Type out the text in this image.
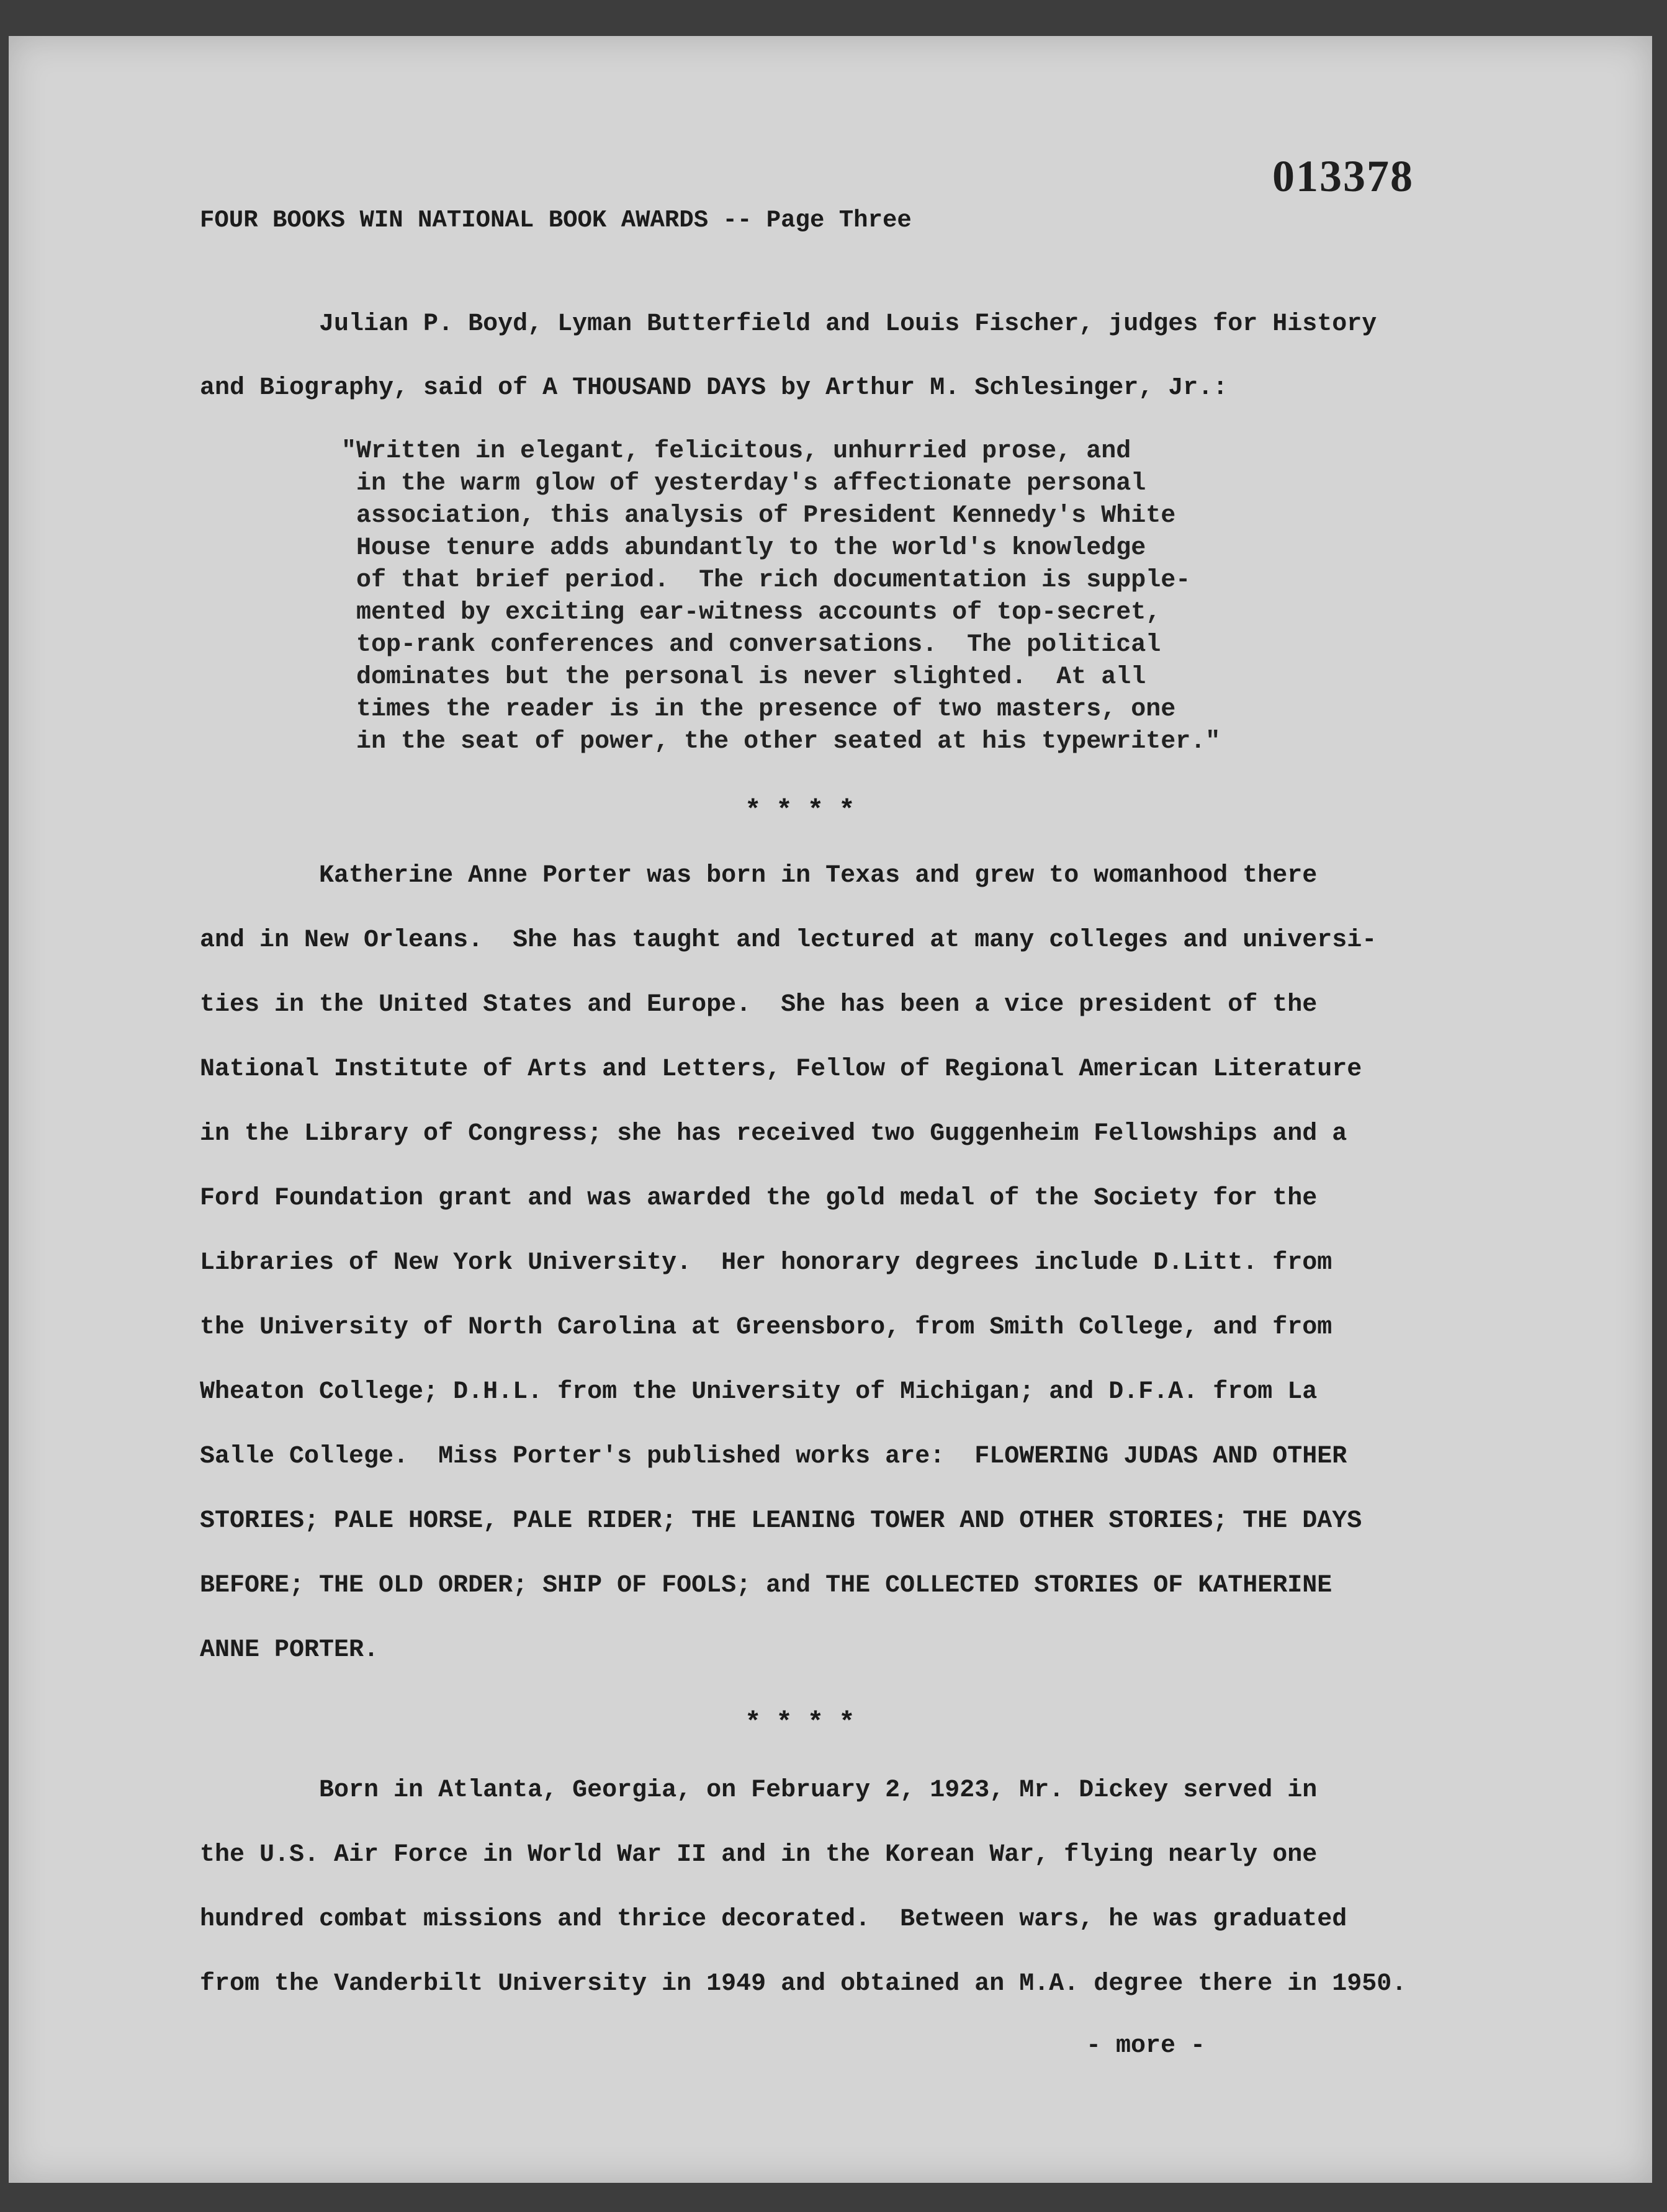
013378
FOUR BOOKS WIN NATIONAL BOOK AWARDS -- Page Three
Julian P. Boyd, Lyman Butterfield and Louis Fischer, judges for History
and Biography, said of A THOUSAND DAYS by Arthur M. Schlesinger, Jr.:
"Written in elegant, felicitous, unhurried prose, and
in the warm glow of yesterday's affectionate personal
association, this analysis of President Kennedy's White
House tenure adds abundantly to the world's knowledge
of that brief period.  The rich documentation is supple-
mented by exciting ear-witness accounts of top-secret,
top-rank conferences and conversations.  The political
dominates but the personal is never slighted.  At all
times the reader is in the presence of two masters, one
in the seat of power, the other seated at his typewriter."
****
Katherine Anne Porter was born in Texas and grew to womanhood there
and in New Orleans.  She has taught and lectured at many colleges and universi-
ties in the United States and Europe.  She has been a vice president of the
National Institute of Arts and Letters, Fellow of Regional American Literature
in the Library of Congress; she has received two Guggenheim Fellowships and a
Ford Foundation grant and was awarded the gold medal of the Society for the
Libraries of New York University.  Her honorary degrees include D.Litt. from
the University of North Carolina at Greensboro, from Smith College, and from
Wheaton College; D.H.L. from the University of Michigan; and D.F.A. from La
Salle College.  Miss Porter's published works are:  FLOWERING JUDAS AND OTHER
STORIES; PALE HORSE, PALE RIDER; THE LEANING TOWER AND OTHER STORIES; THE DAYS
BEFORE; THE OLD ORDER; SHIP OF FOOLS; and THE COLLECTED STORIES OF KATHERINE
ANNE PORTER.
****
Born in Atlanta, Georgia, on February 2, 1923, Mr. Dickey served in
the U.S. Air Force in World War II and in the Korean War, flying nearly one
hundred combat missions and thrice decorated.  Between wars, he was graduated
from the Vanderbilt University in 1949 and obtained an M.A. degree there in 1950.
- more -
